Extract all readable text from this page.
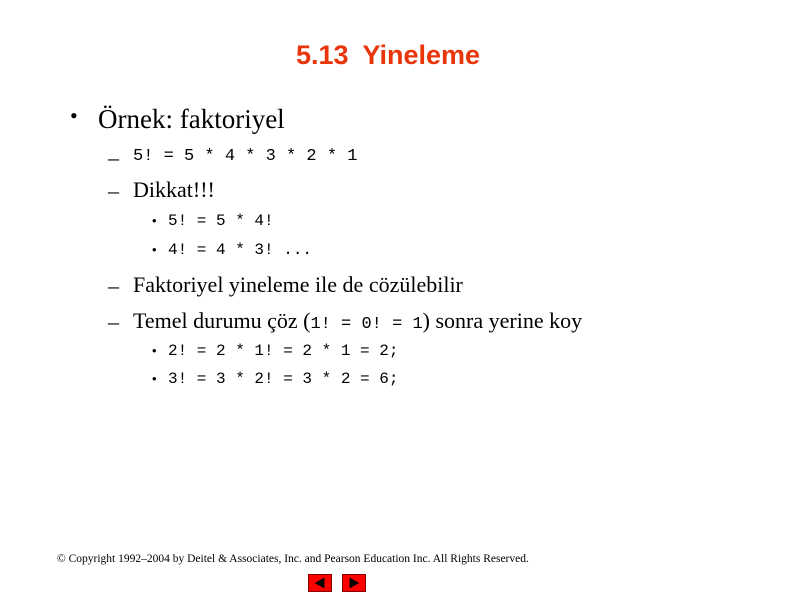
5.13 Yineleme
• Örnek: faktoriyel
– 5! = 5 * 4 * 3 * 2 * 1
– Dikkat!!!
• 5! = 5 * 4!
• 4! = 4 * 3! ...
– Faktoriyel yineleme ile de cözülebilir
– Temel durumu çöz (1! = 0! = 1) sonra yerine koy
• 2! = 2 * 1! = 2 * 1 = 2;
• 3! = 3 * 2! = 3 * 2 = 6;
© Copyright 1992–2004 by Deitel & Associates, Inc. and Pearson Education Inc. All Rights Reserved.
